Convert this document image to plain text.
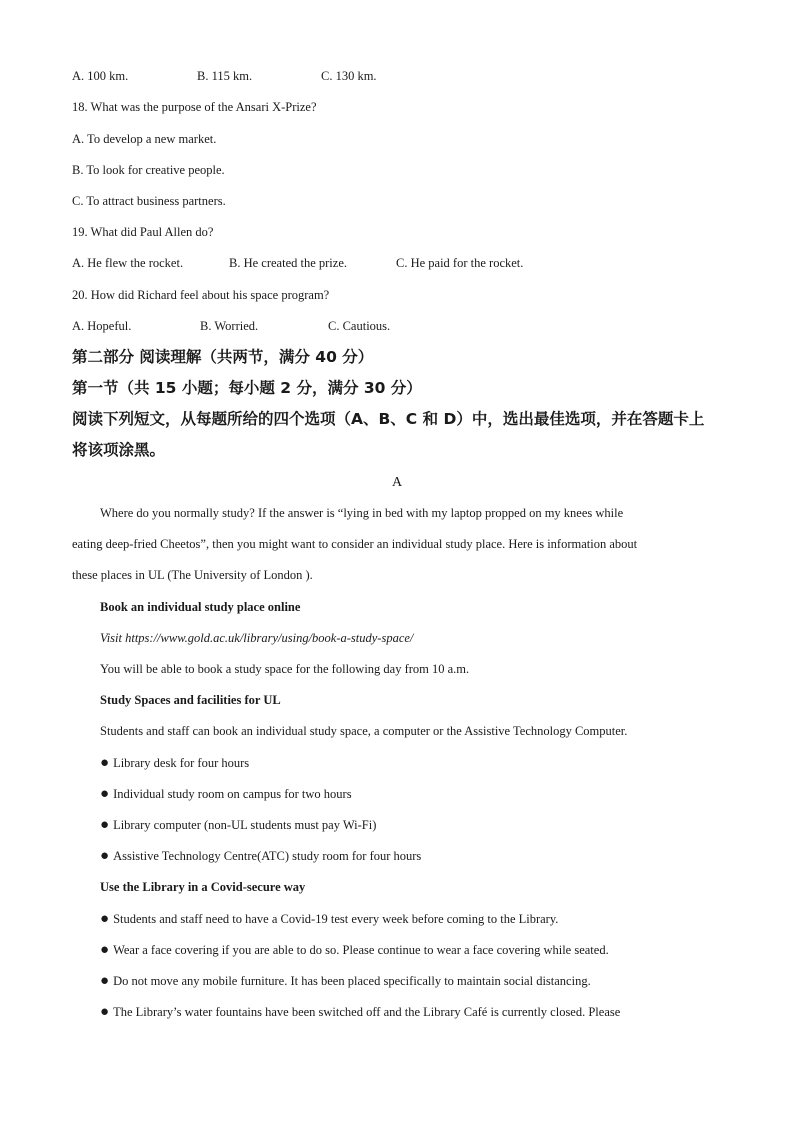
A. 100 km.	B. 115 km.	C. 130 km.
18. What was the purpose of the Ansari X-Prize?
A. To develop a new market.
B. To look for creative people.
C. To attract business partners.
19. What did Paul Allen do?
A. He flew the rocket.	B. He created the prize.	C. He paid for the rocket.
20. How did Richard feel about his space program?
A. Hopeful.	B. Worried.	C. Cautious.
第二部分 阅读理解（共两节，满分 40 分）
第一节（共 15 小题；每小题 2 分，满分 30 分）
阅读下列短文，从每题所给的四个选项（A、B、C 和 D）中，选出最佳选项，并在答题卡上
将该项涂黑。
A
Where do you normally study? If the answer is “lying in bed with my laptop propped on my knees while
eating deep-fried Cheetos”, then you might want to consider an individual study place. Here is information about
these places in UL (The University of London ).
Book an individual study place online
Visit https://www.gold.ac.uk/library/using/book-a-study-space/
You will be able to book a study space for the following day from 10 a.m.
Study Spaces and facilities for UL
Students and staff can book an individual study space, a computer or the Assistive Technology Computer.
● Library desk for four hours
● Individual study room on campus for two hours
● Library computer (non-UL students must pay Wi-Fi)
● Assistive Technology Centre(ATC) study room for four hours
Use the Library in a Covid-secure way
● Students and staff need to have a Covid-19 test every week before coming to the Library.
● Wear a face covering if you are able to do so. Please continue to wear a face covering while seated.
● Do not move any mobile furniture. It has been placed specifically to maintain social distancing.
● The Library’s water fountains have been switched off and the Library Café is currently closed. Please
